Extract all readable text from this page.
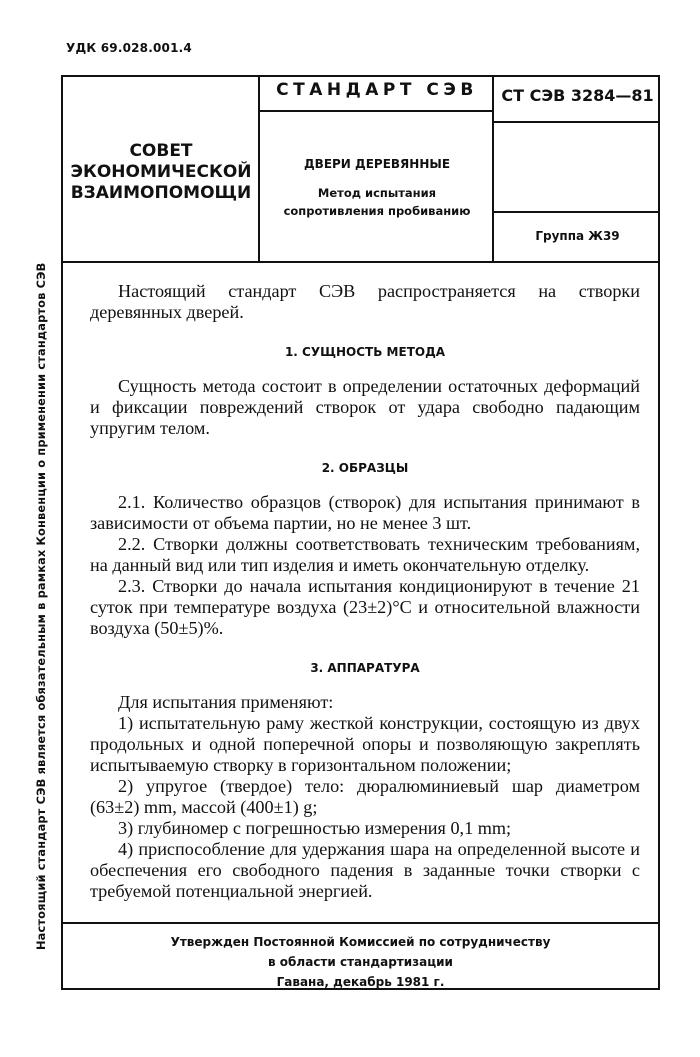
УДК 69.028.001.4
Настоящий стандарт СЭВ является обязательным в рамках Конвенции о применении стандартов СЭВ
СОВЕТ
ЭКОНОМИЧЕСКОЙ
ВЗАИМОПОМОЩИ
СТАНДАРТ СЭВ	СТ СЭВ 3284—81
ДВЕРИ ДЕРЕВЯННЫЕ
Метод испытания
сопротивления пробиванию
Группа Ж39

Настоящий стандарт СЭВ распространяется на створки деревянных дверей.

1. СУЩНОСТЬ МЕТОДА

Сущность метода состоит в определении остаточных деформаций и фиксации повреждений створок от удара свободно падающим упругим телом.

2. ОБРАЗЦЫ

2.1. Количество образцов (створок) для испытания принимают в зависимости от объема партии, но не менее 3 шт.

2.2. Створки должны соответствовать техническим требованиям, на данный вид или тип изделия и иметь окончательную отделку.

2.3. Створки до начала испытания кондиционируют в течение 21 суток при температуре воздуха (23±2)°C и относительной влажности воздуха (50±5)%.

3. АППАРАТУРА

Для испытания применяют:

1) испытательную раму жесткой конструкции, состоящую из двух продольных и одной поперечной опоры и позволяющую закреплять испытываемую створку в горизонтальном положении;

2) упругое (твердое) тело: дюралюминиевый шар диаметром (63±2) mm, массой (400±1) g;

3) глубиномер с погрешностью измерения 0,1 mm;

4) приспособление для удержания шара на определенной высоте и обеспечения его свободного падения в заданные точки створки с требуемой потенциальной энергией.

Утвержден Постоянной Комиссией по сотрудничеству
в области стандартизации
Гавана, декабрь 1981 г.
